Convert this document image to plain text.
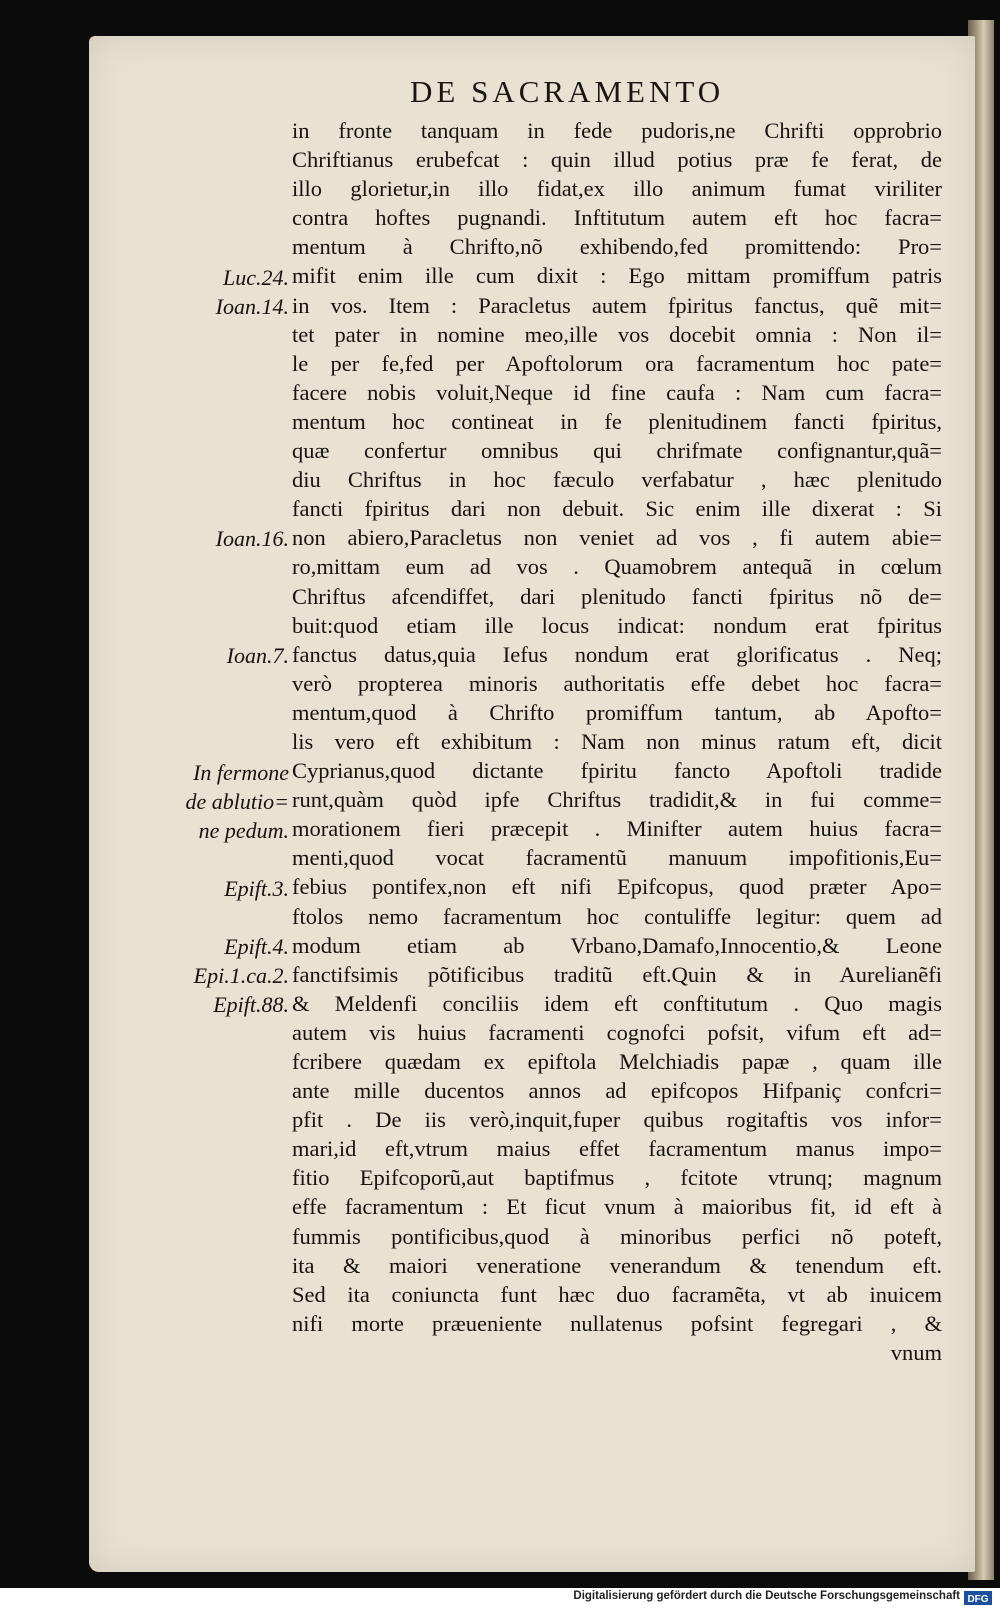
DE SACRAMENTO
in fronte tanquam in fede pudoris,ne Chrifti opprobrio
Chriftianus erubefcat : quin illud potius præ fe ferat, de
illo glorietur,in illo fidat,ex illo animum fumat viriliter
contra hoftes pugnandi. Inftitutum autem eft hoc facra=
mentum à Chrifto,nõ exhibendo,fed promittendo: Pro=
mifit enim ille cum dixit : Ego mittam promiffum patris
in vos. Item : Paracletus autem fpiritus fanctus, quẽ mit=
tet pater in nomine meo,ille vos docebit omnia : Non il=
le per fe,fed per Apoftolorum ora facramentum hoc pate=
facere nobis voluit,Neque id fine caufa : Nam cum facra=
mentum hoc contineat in fe plenitudinem fancti fpiritus,
quæ confertur omnibus qui chrifmate confignantur,quã=
diu Chriftus in hoc fæculo verfabatur , hæc plenitudo
fancti fpiritus dari non debuit. Sic enim ille dixerat : Si
non abiero,Paracletus non veniet ad vos , fi autem abie=
ro,mittam eum ad vos . Quamobrem antequã in cœlum
Chriftus afcendiffet, dari plenitudo fancti fpiritus nõ de=
buit:quod etiam ille locus indicat: nondum erat fpiritus
fanctus datus,quia Iefus nondum erat glorificatus . Neq;
verò propterea minoris authoritatis effe debet hoc facra=
mentum,quod à Chrifto promiffum tantum, ab Apofto=
lis vero eft exhibitum : Nam non minus ratum eft, dicit
Cyprianus,quod dictante fpiritu fancto Apoftoli tradide
runt,quàm quòd ipfe Chriftus tradidit,& in fui comme=
morationem fieri præcepit . Minifter autem huius facra=
menti,quod vocat facramentũ manuum impofitionis,Eu=
febius pontifex,non eft nifi Epifcopus, quod præter Apo=
ftolos nemo facramentum hoc contuliffe legitur: quem ad
modum etiam ab Vrbano,Damafo,Innocentio,& Leone
fanctifsimis põtificibus traditũ eft.Quin & in Aurelianẽfi
& Meldenfi conciliis idem eft conftitutum . Quo magis
autem vis huius facramenti cognofci pofsit, vifum eft ad=
fcribere quædam ex epiftola Melchiadis papæ , quam ille
ante mille ducentos annos ad epifcopos Hifpaniç confcri=
pfit . De iis verò,inquit,fuper quibus rogitaftis vos infor=
mari,id eft,vtrum maius effet facramentum manus impo=
fitio Epifcoporũ,aut baptifmus , fcitote vtrunq; magnum
effe facramentum : Et ficut vnum à maioribus fit, id eft à
fummis pontificibus,quod à minoribus perfici nõ poteft,
ita & maiori veneratione venerandum & tenendum eft.
Sed ita coniuncta funt hæc duo facramẽta, vt ab inuicem
nifi morte præueniente nullatenus pofsint fegregari , &
vnum
Luc.24.
Ioan.14.
Ioan.16.
Ioan.7.
In fermone
de ablutio=
ne pedum.
Epift.3.
Epift.4.
Epi.1.ca.2.
Epift.88.
Digitalisierung gefördert durch die Deutsche Forschungsgemeinschaft DFG
